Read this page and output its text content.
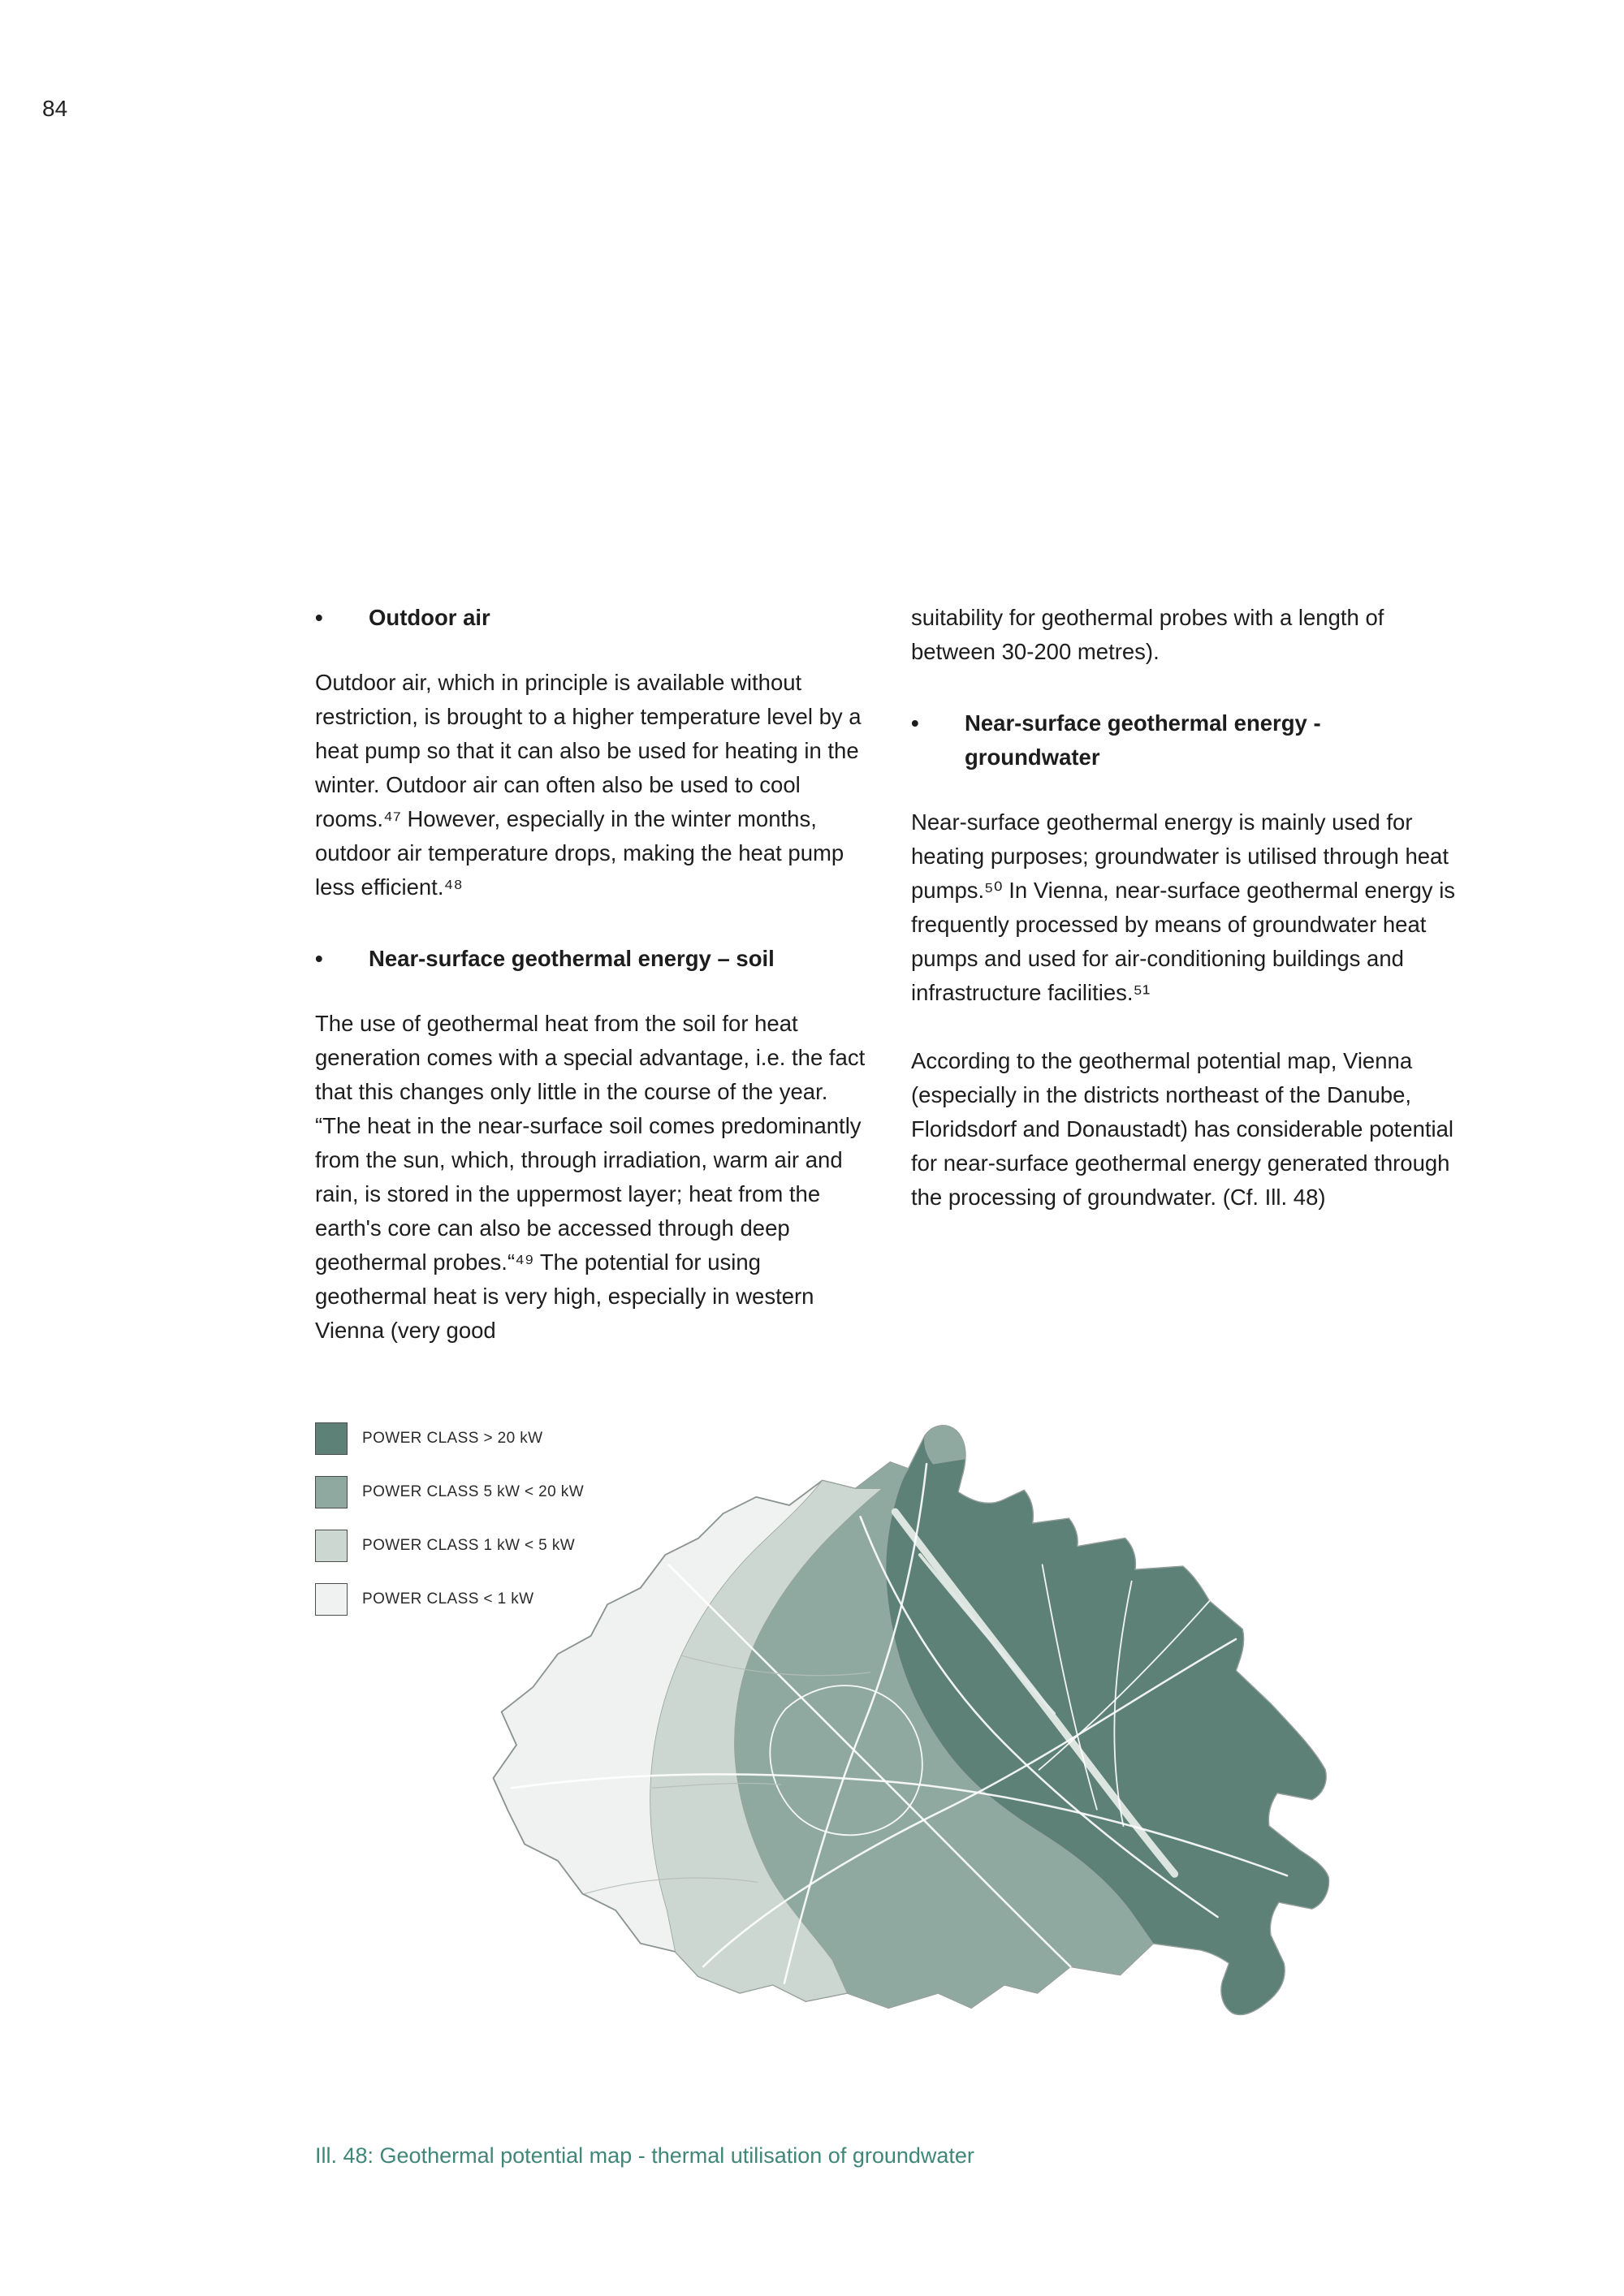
84
•	Outdoor air

Outdoor air, which in principle is available without restriction, is brought to a higher temperature level by a heat pump so that it can also be used for heating in the winter. Outdoor air can often also be used to cool rooms.⁴⁷ However, especially in the winter months, outdoor air temperature drops, making the heat pump less efficient.⁴⁸

•	Near-surface geothermal energy – soil

The use of geothermal heat from the soil for heat generation comes with a special advantage, i.e. the fact that this changes only little in the course of the year. “The heat in the near-surface soil comes predominantly from the sun, which, through irradiation, warm air and rain, is stored in the uppermost layer; heat from the earth's core can also be accessed through deep geothermal probes.“⁴⁹ The potential for using geothermal heat is very high, especially in western Vienna (very good

suitability for geothermal probes with a length of between 30-200 metres).

•	Near-surface geothermal energy - groundwater

Near-surface geothermal energy is mainly used for heating purposes; groundwater is utilised through heat pumps.⁵⁰ In Vienna, near-surface geothermal energy is frequently processed by means of groundwater heat pumps and used for air-conditioning buildings and infrastructure facilities.⁵¹

According to the geothermal potential map, Vienna (especially in the districts northeast of the Danube, Floridsdorf and Donaustadt) has considerable potential for near-surface geothermal energy generated through the processing of groundwater. (Cf. Ill. 48)

POWER CLASS > 20 kW
POWER CLASS 5 kW < 20 kW
POWER CLASS 1 kW < 5 kW
POWER CLASS < 1 kW
Ill. 48: Geothermal potential map - thermal utilisation of groundwater
